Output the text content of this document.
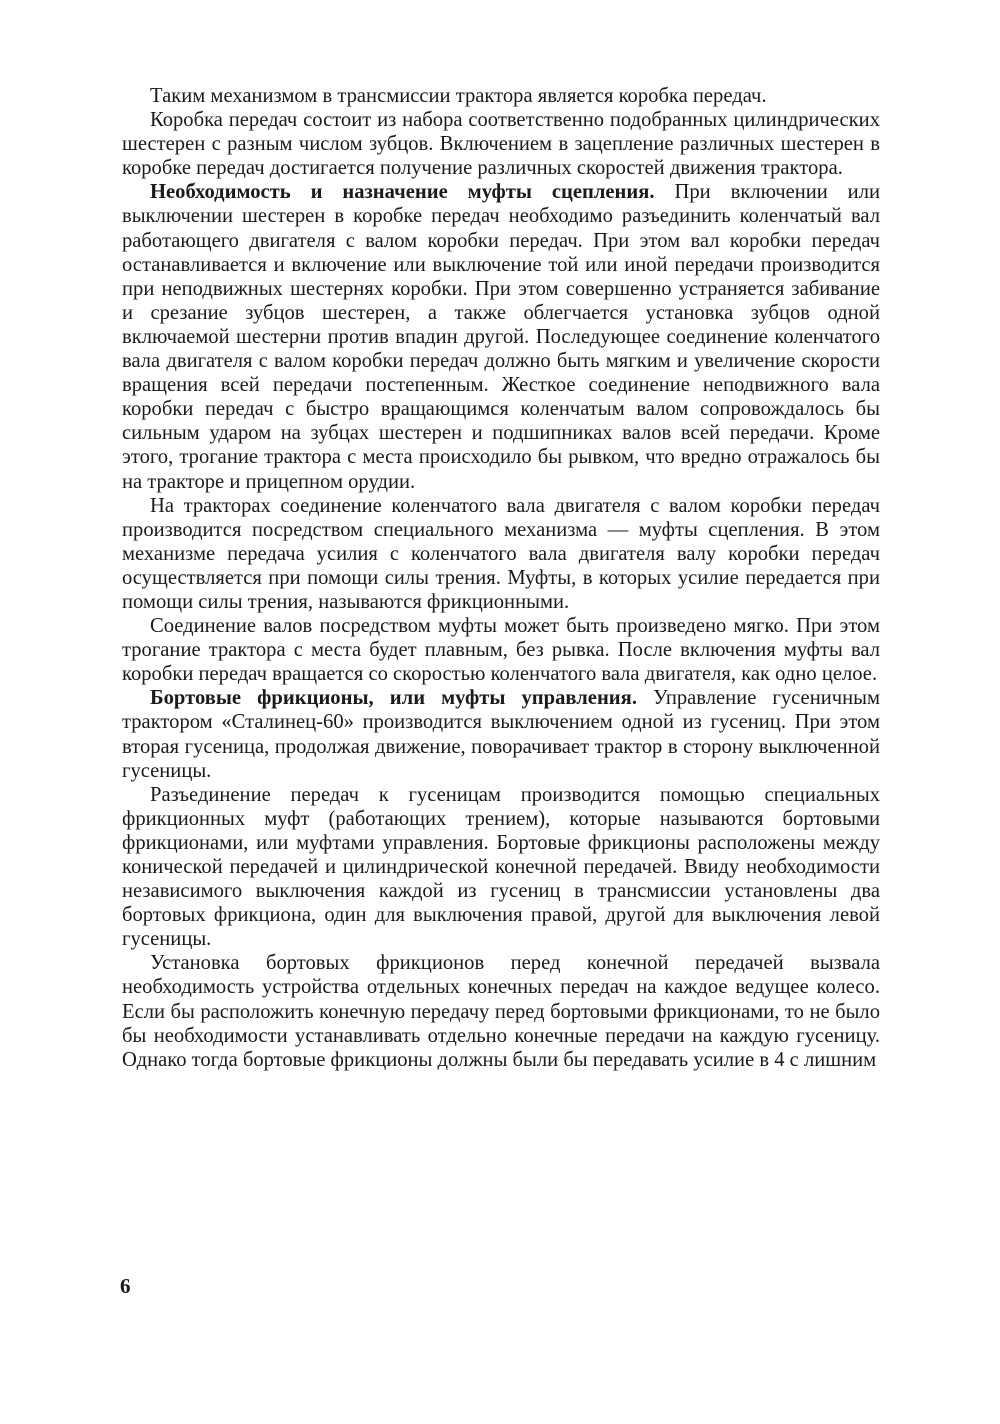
Таким механизмом в трансмиссии трактора является коробка передач.

Коробка передач состоит из набора соответственно подобранных цилиндрических шестерен с разным числом зубцов. Включением в зацепление различных шестерен в коробке передач достигается получение различных скоростей движения трактора.

Необходимость и назначение муфты сцепления. При включении или выключении шестерен в коробке передач необходимо разъединить коленчатый вал работающего двигателя с валом коробки передач. При этом вал коробки передач останавливается и включение или выключение той или иной передачи производится при неподвижных шестернях коробки. При этом совершенно устраняется забивание и срезание зубцов шестерен, а также облегчается установка зубцов одной включаемой шестерни против впадин другой. Последующее соединение коленчатого вала двигателя с валом коробки передач должно быть мягким и увеличение скорости вращения всей передачи постепенным. Жесткое соединение неподвижного вала коробки передач с быстро вращающимся коленчатым валом сопровождалось бы сильным ударом на зубцах шестерен и подшипниках валов всей передачи. Кроме этого, трогание трактора с места происходило бы рывком, что вредно отражалось бы на тракторе и прицепном орудии.

На тракторах соединение коленчатого вала двигателя с валом коробки передач производится посредством специального механизма — муфты сцепления. В этом механизме передача усилия с коленчатого вала двигателя валу коробки передач осуществляется при помощи силы трения. Муфты, в которых усилие передается при помощи силы трения, называются фрикционными.

Соединение валов посредством муфты может быть произведено мягко. При этом трогание трактора с места будет плавным, без рывка. После включения муфты вал коробки передач вращается со скоростью коленчатого вала двигателя, как одно целое.

Бортовые фрикционы, или муфты управления. Управление гусеничным трактором «Сталинец-60» производится выключением одной из гусениц. При этом вторая гусеница, продолжая движение, поворачивает трактор в сторону выключенной гусеницы.

Разъединение передач к гусеницам производится помощью специальных фрикционных муфт (работающих трением), которые называются бортовыми фрикционами, или муфтами управления. Бортовые фрикционы расположены между конической передачей и цилиндрической конечной передачей. Ввиду необходимости независимого выключения каждой из гусениц в трансмиссии установлены два бортовых фрикциона, один для выключения правой, другой для выключения левой гусеницы.

Установка бортовых фрикционов перед конечной передачей вызвала необходимость устройства отдельных конечных передач на каждое ведущее колесо. Если бы расположить конечную передачу перед бортовыми фрикционами, то не было бы необходимости устанавливать отдельно конечные передачи на каждую гусеницу. Однако тогда бортовые фрикционы должны были бы передавать усилие в 4 с лишним

6
